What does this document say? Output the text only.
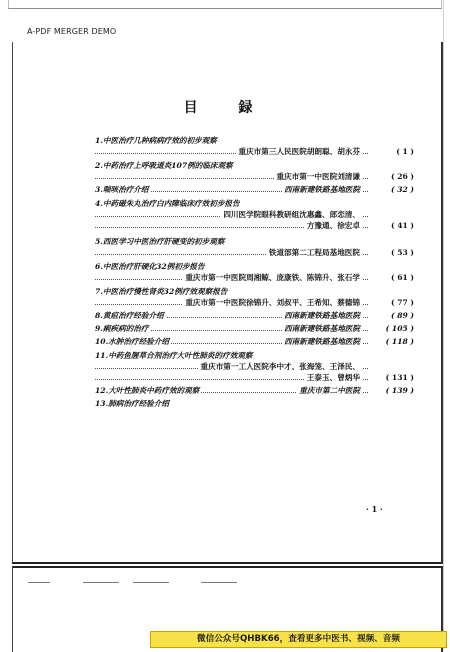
A-PDF MERGER DEMO
目 録
1.中医治疗几种病病疗效的初步观察
重庆市第三人民医院胡朗聪、胡永芬	( 1 )
2.中药治疗上呼吸道炎107例的临床观察
重庆市第一中医院刘清谦	( 26 )
3.喘咳治疗介绍	西南新建铁路基地医院	( 32 )
4.中药磁朱丸治疗白内障临床疗效初步报告
四川医学院眼科教研组沈惠鑫、郎恋清、
方豫通、徐宏卓	( 41 )
5.西医学习中医治疗肝硬变的初步观察
铁道部第二工程局基地医院	( 53 )
6.中医治疗肝硬化32例初步报告
重庆市第一中医院周湘鲸、庞康铁、陈锦升、张石学	( 61 )
7.中医治疗慢性肾炎32例疗效观察报告
重庆市第一中医院徐锦升、刘叔平、王希知、蔡德锦	( 77 )
8.黄疸治疗经验介绍	西南新建铁路基地医院	( 89 )
9.痢疾病的治疗	西南新建铁路基地医院	( 105 )
10.水肿治疗经验介绍	西南新建铁路基地医院	( 118 )
11.中药鱼腥草合剂治疗大叶性肺炎的疗效观察
重庆市第一工人医院李中才、张海笼、王泽民、
王泰玉、曾炳华	( 131 )
12.大叶性肺炎中药疗效的观察	重庆市第二中医院	( 139 )
13.肺病治疗经验介绍
· 1 ·
微信公众号QHBK66，查看更多中医书、视频、音频
